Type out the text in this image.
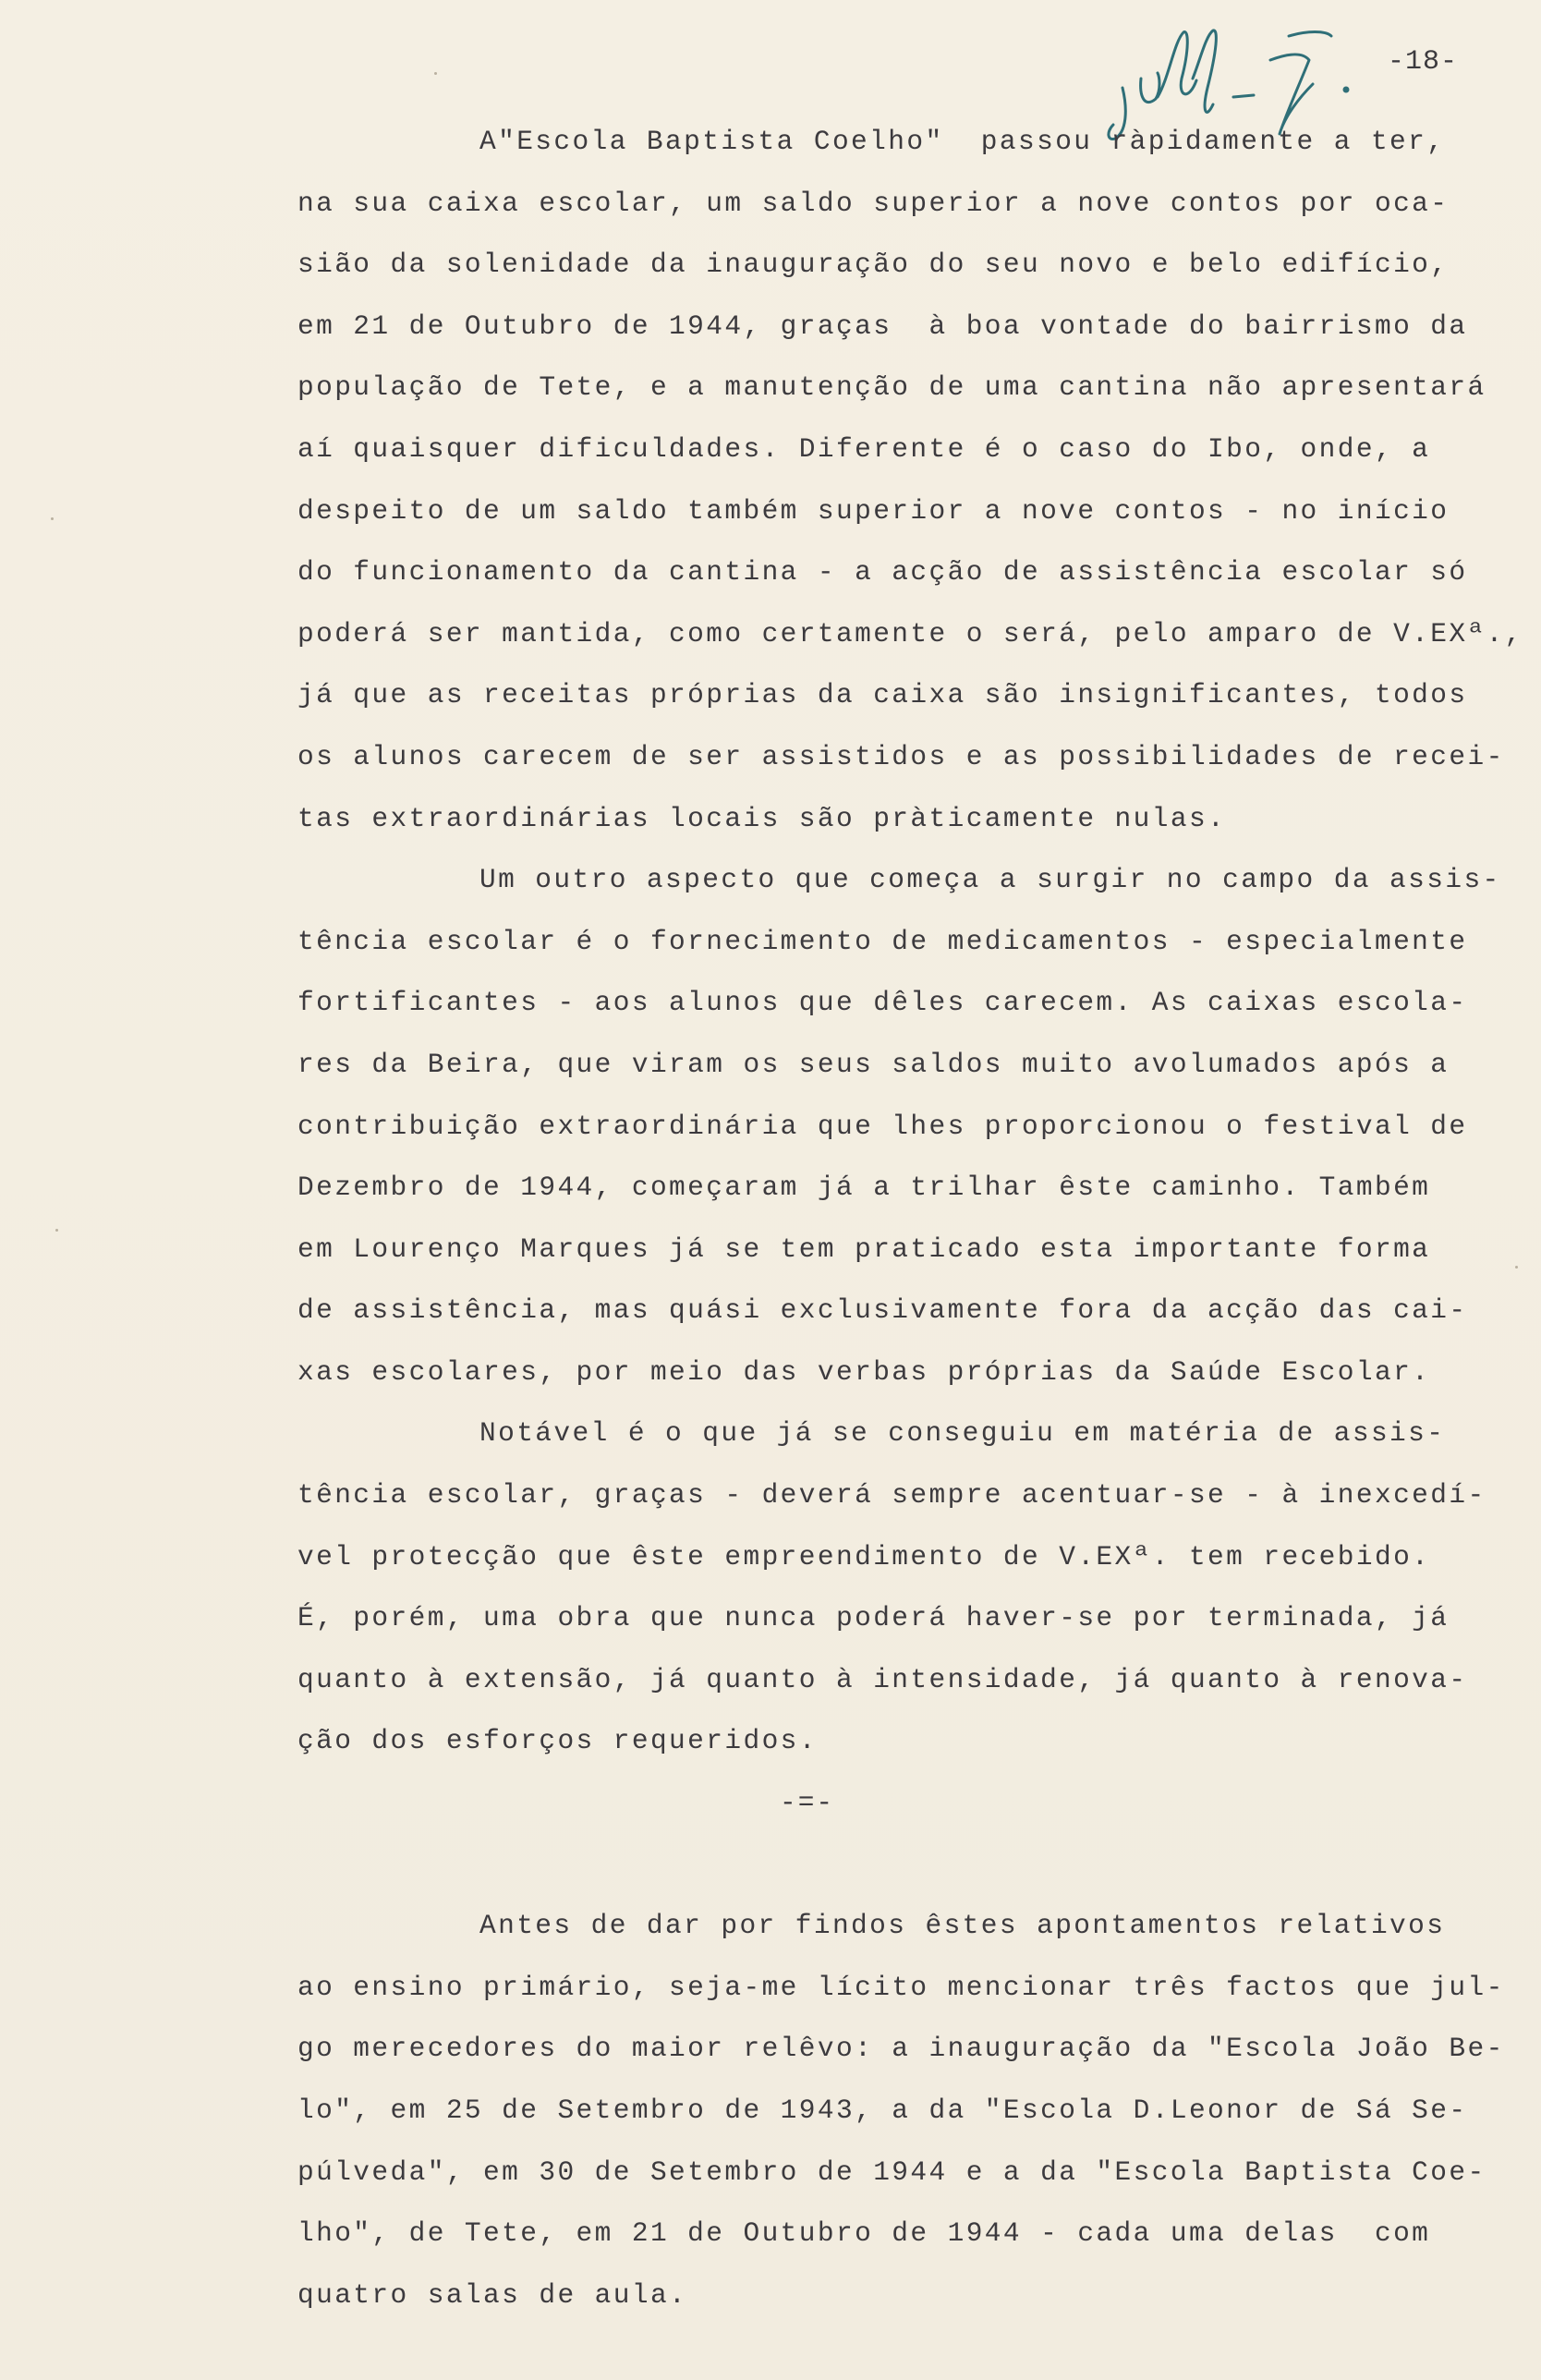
-18-
A"Escola Baptista Coelho"  passou ràpidamente a ter,
na sua caixa escolar, um saldo superior a nove contos por oca-
sião da solenidade da inauguração do seu novo e belo edifício,
em 21 de Outubro de 1944, graças  à boa vontade do bairrismo da
população de Tete, e a manutenção de uma cantina não apresentará
aí quaisquer dificuldades. Diferente é o caso do Ibo, onde, a
despeito de um saldo também superior a nove contos - no início
do funcionamento da cantina - a acção de assistência escolar só
poderá ser mantida, como certamente o será, pelo amparo de V.EXª.,
já que as receitas próprias da caixa são insignificantes, todos
os alunos carecem de ser assistidos e as possibilidades de recei-
tas extraordinárias locais são pràticamente nulas.
Um outro aspecto que começa a surgir no campo da assis-
tência escolar é o fornecimento de medicamentos - especialmente
fortificantes - aos alunos que dêles carecem. As caixas escola-
res da Beira, que viram os seus saldos muito avolumados após a
contribuição extraordinária que lhes proporcionou o festival de
Dezembro de 1944, começaram já a trilhar êste caminho. Também
em Lourenço Marques já se tem praticado esta importante forma
de assistência, mas quási exclusivamente fora da acção das cai-
xas escolares, por meio das verbas próprias da Saúde Escolar.
Notável é o que já se conseguiu em matéria de assis-
tência escolar, graças - deverá sempre acentuar-se - à inexcedí-
vel protecção que êste empreendimento de V.EXª. tem recebido.
É, porém, uma obra que nunca poderá haver-se por terminada, já
quanto à extensão, já quanto à intensidade, já quanto à renova-
ção dos esforços requeridos.
-=-
Antes de dar por findos êstes apontamentos relativos
ao ensino primário, seja-me lícito mencionar três factos que jul-
go merecedores do maior relêvo: a inauguração da "Escola João Be-
lo", em 25 de Setembro de 1943, a da "Escola D.Leonor de Sá Se-
púlveda", em 30 de Setembro de 1944 e a da "Escola Baptista Coe-
lho", de Tete, em 21 de Outubro de 1944 - cada uma delas  com
quatro salas de aula.
